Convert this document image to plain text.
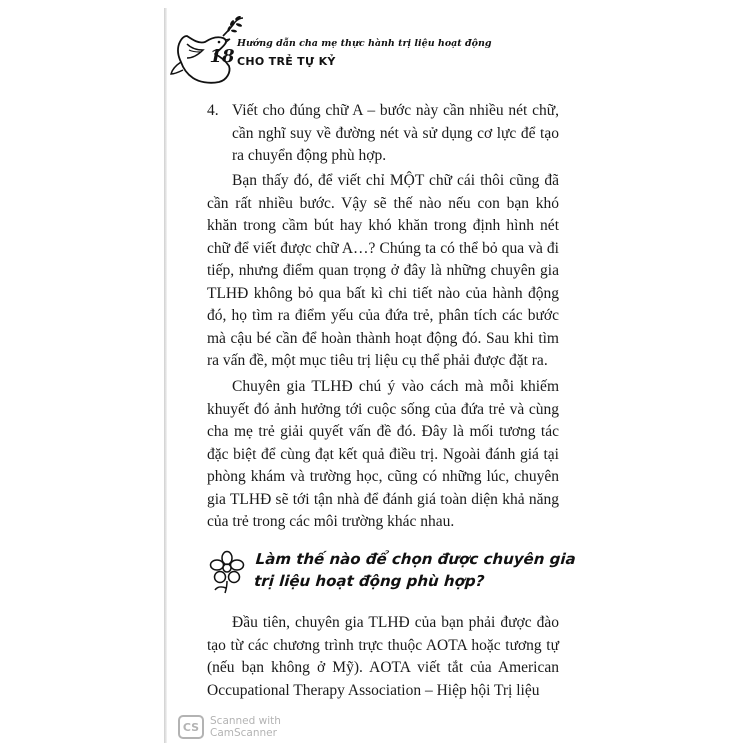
18
Hướng dẫn cha mẹ thực hành trị liệu hoạt động
CHO TRẺ TỰ KỶ
4. Viết cho đúng chữ A – bước này cần nhiều nét chữ, cần nghĩ suy về đường nét và sử dụng cơ lực để tạo ra chuyển động phù hợp.
Bạn thấy đó, để viết chỉ MỘT chữ cái thôi cũng đã cần rất nhiều bước. Vậy sẽ thế nào nếu con bạn khó khăn trong cầm bút hay khó khăn trong định hình nét chữ để viết được chữ A…? Chúng ta có thể bỏ qua và đi tiếp, nhưng điểm quan trọng ở đây là những chuyên gia TLHĐ không bỏ qua bất kì chi tiết nào của hành động đó, họ tìm ra điểm yếu của đứa trẻ, phân tích các bước mà cậu bé cần để hoàn thành hoạt động đó. Sau khi tìm ra vấn đề, một mục tiêu trị liệu cụ thể phải được đặt ra.
Chuyên gia TLHĐ chú ý vào cách mà mỗi khiếm khuyết đó ảnh hưởng tới cuộc sống của đứa trẻ và cùng cha mẹ trẻ giải quyết vấn đề đó. Đây là mối tương tác đặc biệt để cùng đạt kết quả điều trị. Ngoài đánh giá tại phòng khám và trường học, cũng có những lúc, chuyên gia TLHĐ sẽ tới tận nhà để đánh giá toàn diện khả năng của trẻ trong các môi trường khác nhau.
Làm thế nào để chọn được chuyên gia trị liệu hoạt động phù hợp?
Đầu tiên, chuyên gia TLHĐ của bạn phải được đào tạo từ các chương trình trực thuộc AOTA hoặc tương tự (nếu bạn không ở Mỹ). AOTA viết tắt của American Occupational Therapy Association – Hiệp hội Trị liệu
CS	Scanned with
CamScanner
